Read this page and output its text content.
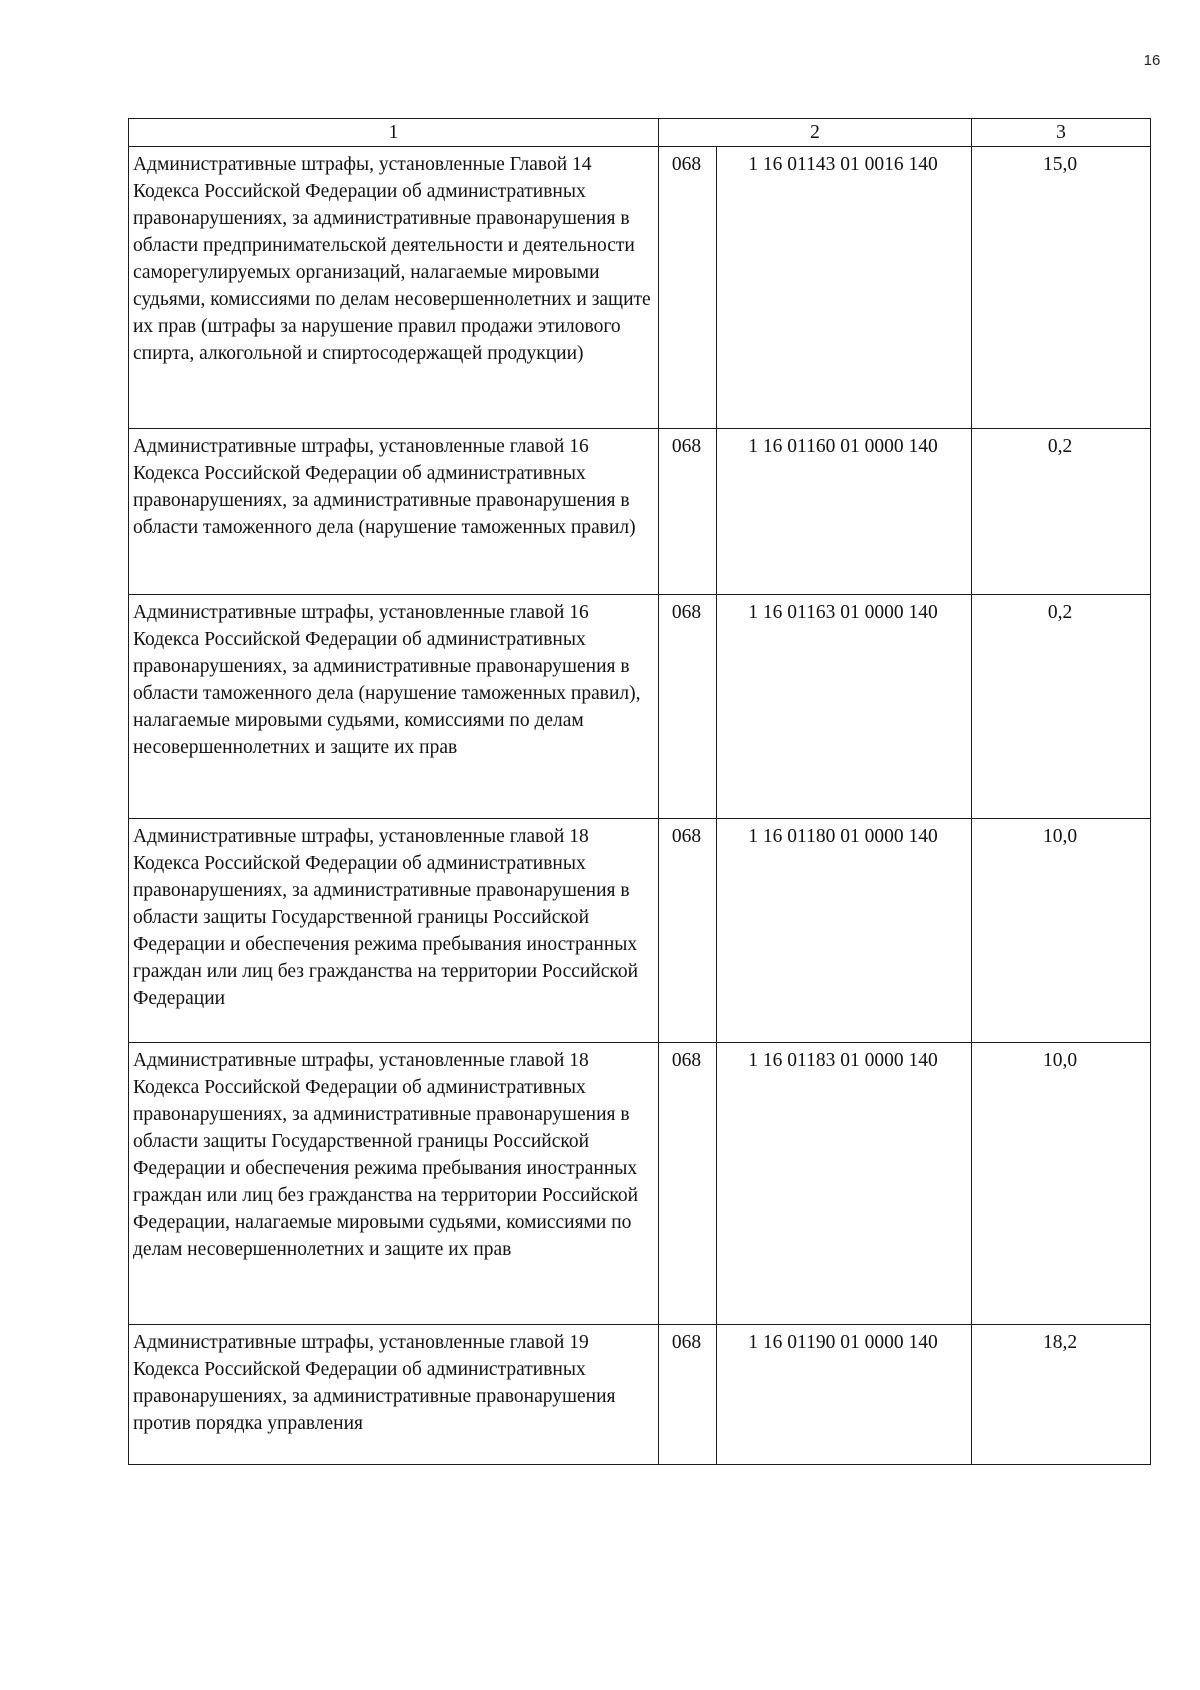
16
1	2		3
Административные штрафы, установленные Главой 14 Кодекса Российской Федерации об административных правонарушениях, за административные правонарушения в области предпринимательской деятельности и деятельности саморегулируемых организаций, налагаемые мировыми судьями, комиссиями по делам несовершеннолетних и защите их прав (штрафы за нарушение правил продажи этилового спирта, алкогольной и спиртосодержащей продукции)	068	1 16 01143 01 0016 140	15,0
Административные штрафы, установленные главой 16 Кодекса Российской Федерации об административных правонарушениях, за административные правонарушения в области таможенного дела (нарушение таможенных правил)	068	1 16 01160 01 0000 140	0,2
Административные штрафы, установленные главой 16 Кодекса Российской Федерации об административных правонарушениях, за административные правонарушения в области таможенного дела (нарушение таможенных правил), налагаемые мировыми судьями, комиссиями по делам несовершеннолетних и защите их прав	068	1 16 01163 01 0000 140	0,2
Административные штрафы, установленные главой 18 Кодекса Российской Федерации об административных правонарушениях, за административные правонарушения в области защиты Государственной границы Российской Федерации и обеспечения режима пребывания иностранных граждан или лиц без гражданства на территории Российской Федерации	068	1 16 01180 01 0000 140	10,0
Административные штрафы, установленные главой 18 Кодекса Российской Федерации об административных правонарушениях, за административные правонарушения в области защиты Государственной границы Российской Федерации и обеспечения режима пребывания иностранных граждан или лиц без гражданства на территории Российской Федерации, налагаемые мировыми судьями, комиссиями по делам несовершеннолетних и защите их прав	068	1 16 01183 01 0000 140	10,0
Административные штрафы, установленные главой 19 Кодекса Российской Федерации об административных правонарушениях, за административные правонарушения против порядка управления	068	1 16 01190 01 0000 140	18,2
